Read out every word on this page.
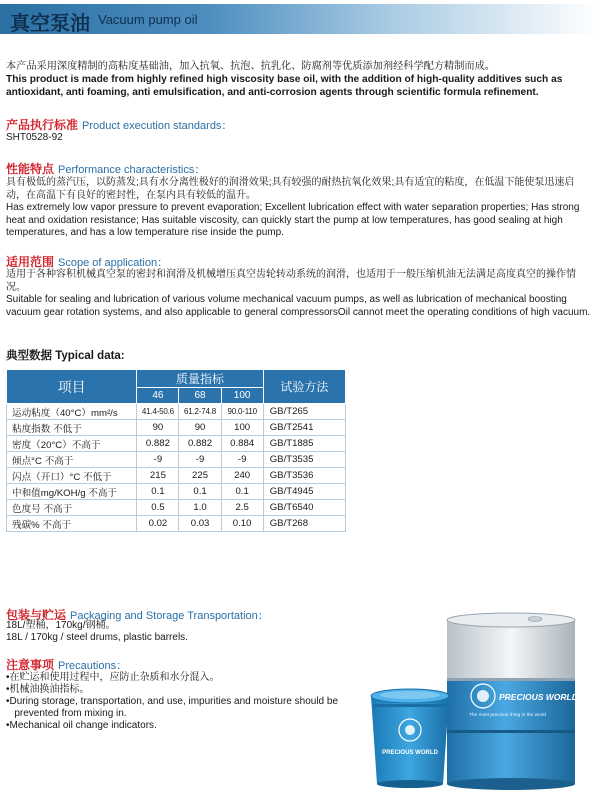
真空泵油 Vacuum pump oil

本产品采用深度精制的高粘度基础油，加入抗氧、抗泡、抗乳化、防腐剂等优质添加剂经科学配方精制而成。

This product is made from highly refined high viscosity base oil, with the addition of high-quality additives such as antioxidant, anti foaming, anti emulsification, and anti-corrosion agents through scientific formula refinement.

产品执行标准 Product execution standards：

SHT0528-92

性能特点 Performance characteristics：

具有极低的蒸汽压，以防蒸发;具有水分离性极好的润滑效果;具有较强的耐热抗氧化效果;具有适宜的粘度，在低温下能使泵迅速启动，在高温下有良好的密封性，在泵内具有较低的温升。

Has extremely low vapor pressure to prevent evaporation; Excellent lubrication effect with water separation properties; Has strong heat and oxidation resistance; Has suitable viscosity, can quickly start the pump at low temperatures, has good sealing at high temperatures, and has a low temperature rise inside the pump.

适用范围 Scope of application：

适用于各种容积机械真空泵的密封和润滑及机械增压真空齿轮转动系统的润滑，也适用于一般压缩机油无法满足高度真空的操作情况。

Suitable for sealing and lubrication of various volume mechanical vacuum pumps, as well as lubrication of mechanical boosting vacuum gear rotation systems, and also applicable to general compressorsOil cannot meet the operating conditions of high vacuum.

典型数据 Typical data:
项目	质量指标			试验方法
	46	68	100	
运动粘度（40°C）mm²/s	41.4-50.6	61.2-74.8	90.0-110	GB/T265
粘度指数 不低于	90	90	100	GB/T2541
密度（20°C）不高于	0.882	0.882	0.884	GB/T1885
倾点°C 不高于	-9	-9	-9	GB/T3535
闪点（开口）°C 不低于	215	225	240	GB/T3536
中和值mg/KOH/g 不高于	0.1	0.1	0.1	GB/T4945
色度号 不高于	0.5	1.0	2.5	GB/T6540
残碳% 不高于	0.02	0.03	0.10	GB/T268
包装与贮运 Packaging and Storage Transportation：

18L/塑桶，170kg/钢桶。

18L / 170kg / steel drums, plastic barrels.

注意事项 Precautions：

•在贮运和使用过程中，应防止杂质和水分混入。

•机械油换油指标。

•During storage, transportation, and use, impurities and moisture should be

prevented from mixing in.

•Mechanical oil change indicators.

PRECIOUS WORLD
The most precious thing in the world
PRECIOUS WORLD
